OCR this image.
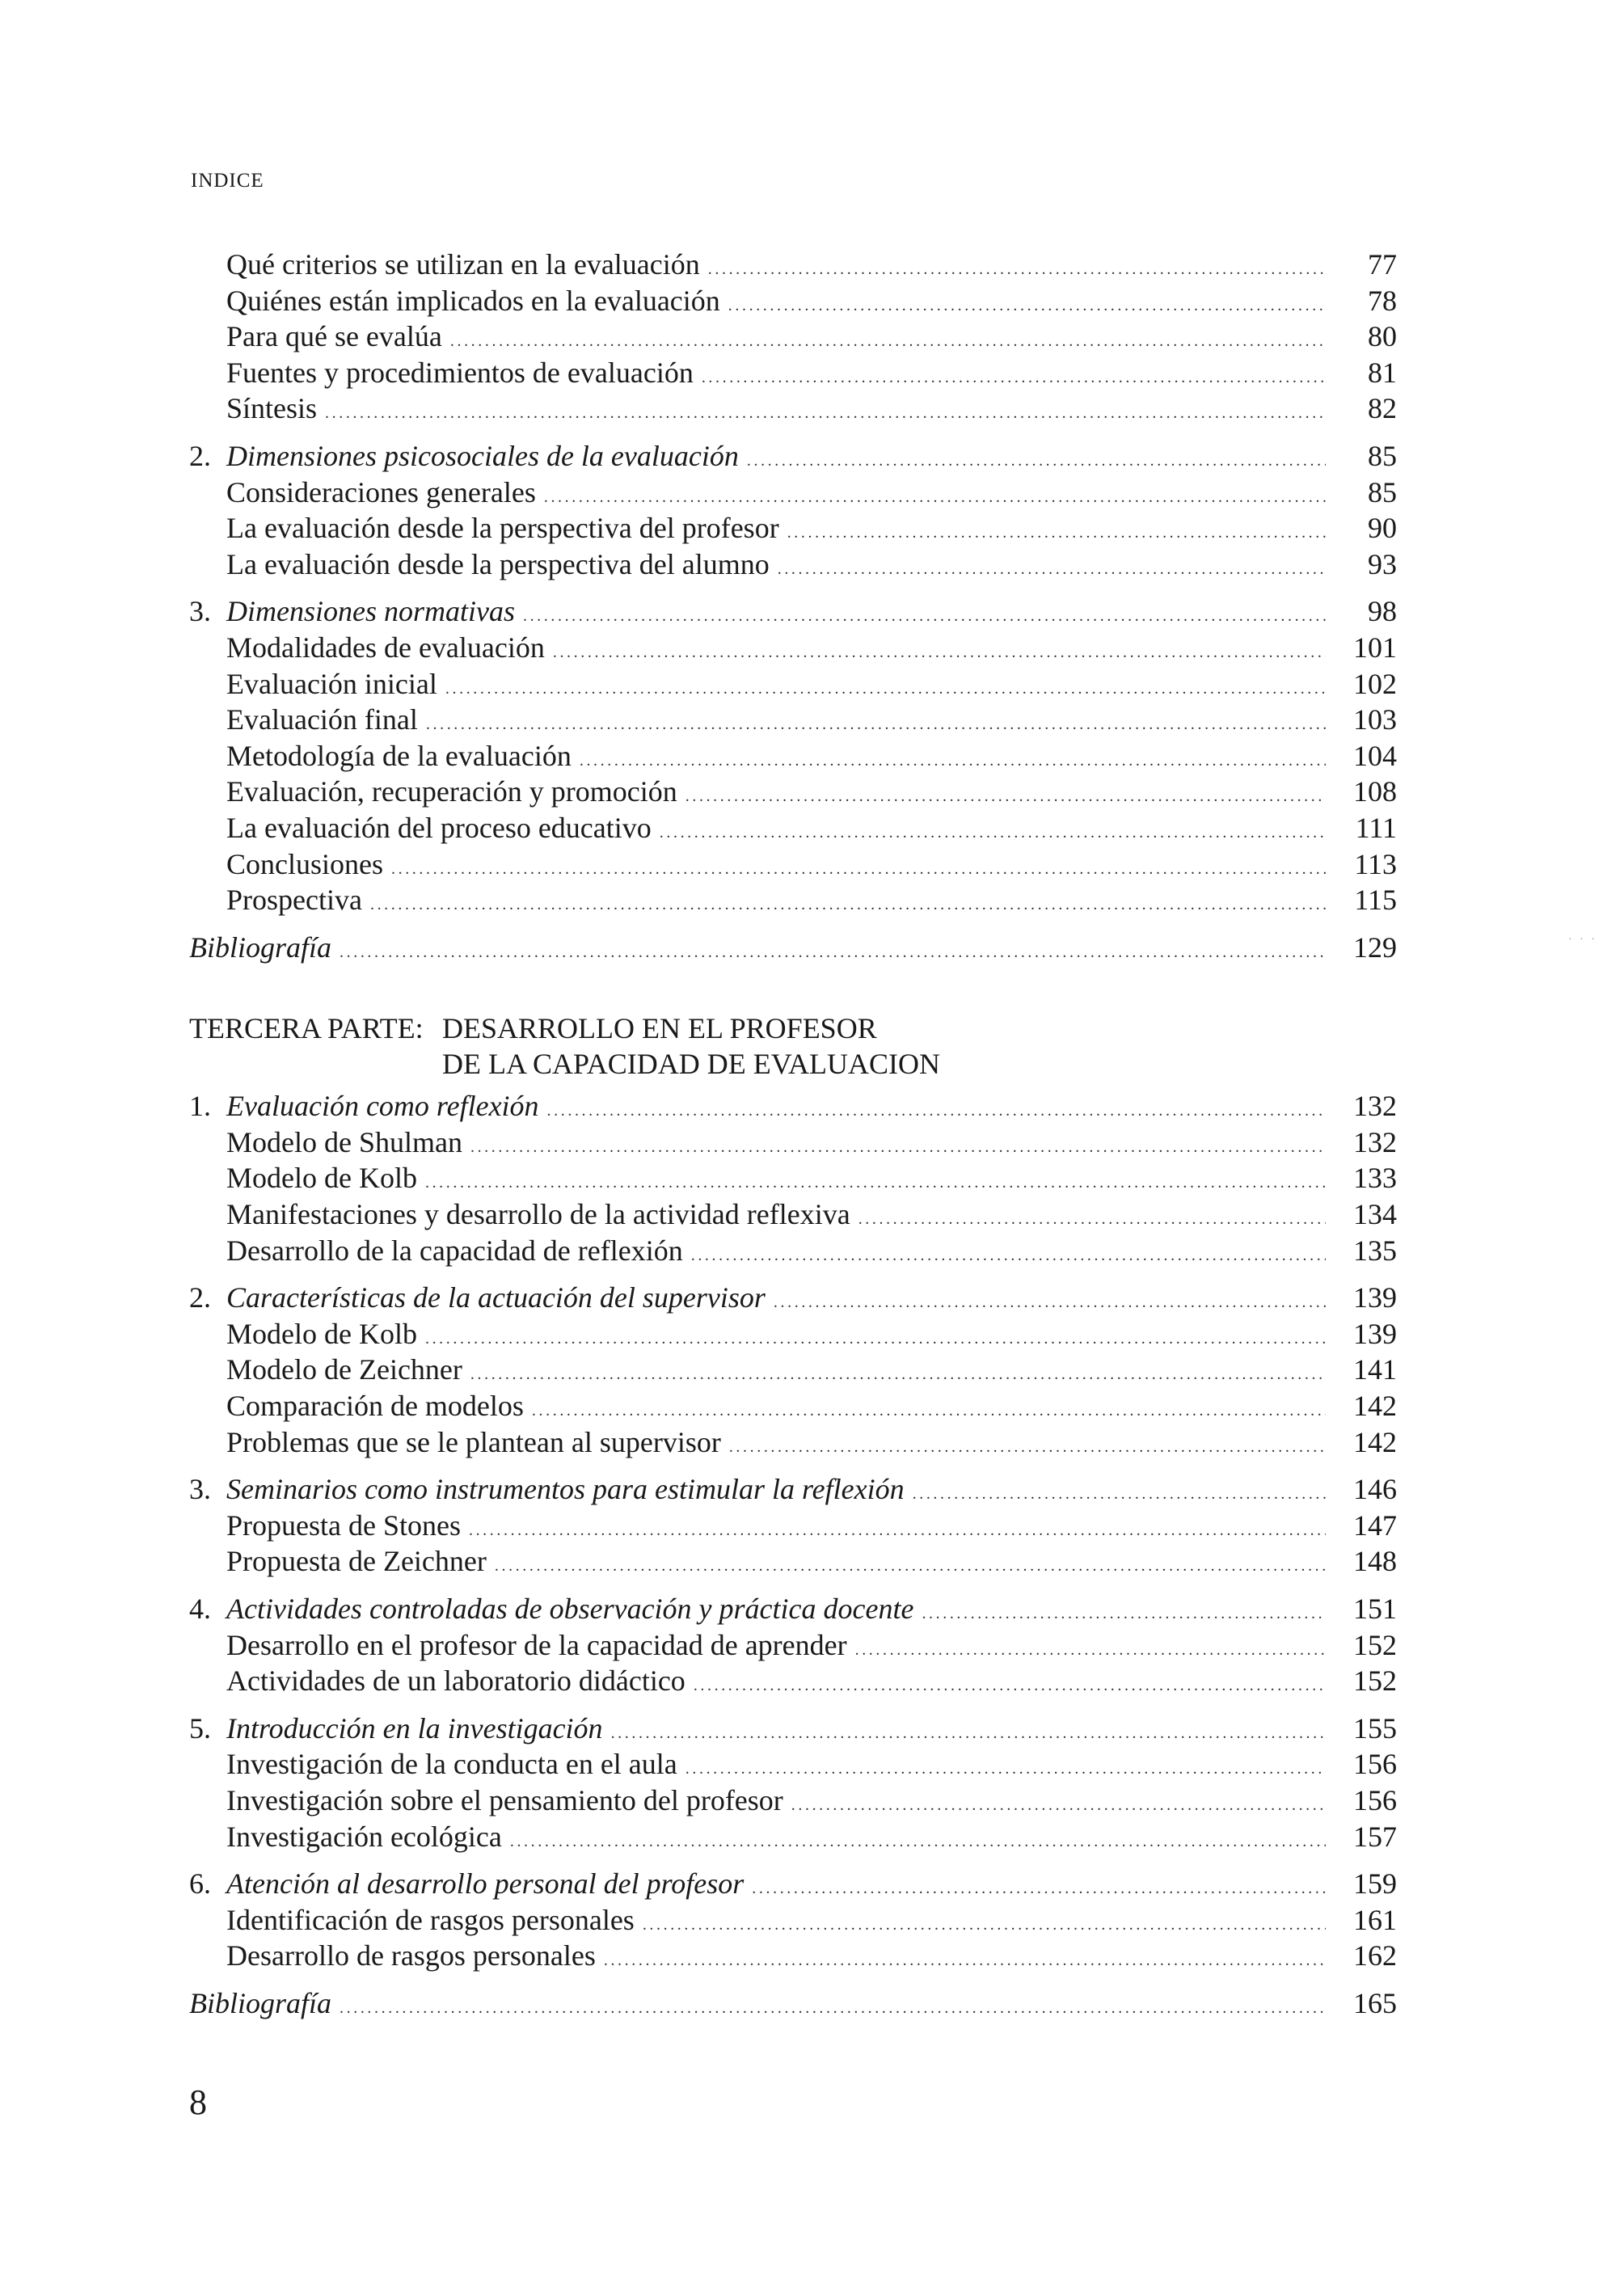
INDICE
Qué criterios se utilizan en la evaluación .....	77
Quiénes están implicados en la evaluación .....	78
Para qué se evalúa .....	80
Fuentes y procedimientos de evaluación .....	81
Síntesis .....	82
2. Dimensiones psicosociales de la evaluación .....	85
Consideraciones generales .....	85
La evaluación desde la perspectiva del profesor .....	90
La evaluación desde la perspectiva del alumno .....	93
3. Dimensiones normativas .....	98
Modalidades de evaluación .....	101
Evaluación inicial .....	102
Evaluación final .....	103
Metodología de la evaluación .....	104
Evaluación, recuperación y promoción .....	108
La evaluación del proceso educativo .....	111
Conclusiones .....	113
Prospectiva .....	115
Bibliografía .....	129
TERCERA PARTE: DESARROLLO EN EL PROFESOR
DE LA CAPACIDAD DE EVALUACION
1. Evaluación como reflexión .....	132
Modelo de Shulman .....	132
Modelo de Kolb .....	133
Manifestaciones y desarrollo de la actividad reflexiva .....	134
Desarrollo de la capacidad de reflexión .....	135
2. Características de la actuación del supervisor .....	139
Modelo de Kolb .....	139
Modelo de Zeichner .....	141
Comparación de modelos .....	142
Problemas que se le plantean al supervisor .....	142
3. Seminarios como instrumentos para estimular la reflexión .....	146
Propuesta de Stones .....	147
Propuesta de Zeichner .....	148
4. Actividades controladas de observación y práctica docente .....	151
Desarrollo en el profesor de la capacidad de aprender .....	152
Actividades de un laboratorio didáctico .....	152
5. Introducción en la investigación .....	155
Investigación de la conducta en el aula .....	156
Investigación sobre el pensamiento del profesor .....	156
Investigación ecológica .....	157
6. Atención al desarrollo personal del profesor .....	159
Identificación de rasgos personales .....	161
Desarrollo de rasgos personales .....	162
Bibliografía .....	165
8
· · ·
